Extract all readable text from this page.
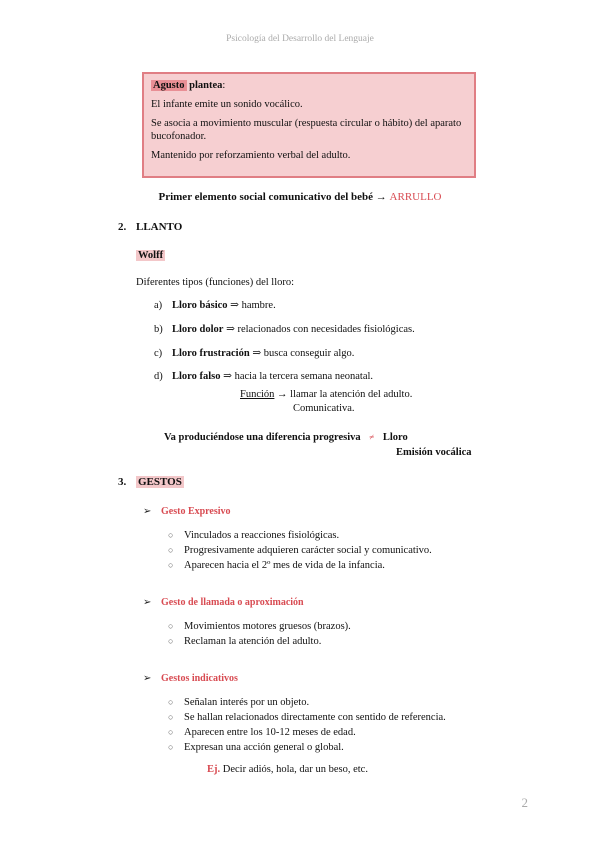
Psicología del Desarrollo del Lenguaje

Agusto plantea:

El infante emite un sonido vocálico.

Se asocia a movimiento muscular (respuesta circular o hábito) del aparato bucofonador.

Mantenido por reforzamiento verbal del adulto.

Primer elemento social comunicativo del bebé → ARRULLO
2. LLANTO
Wolff
Diferentes tipos (funciones) del lloro:
a) Lloro básico ⇒ hambre.
b) Lloro dolor ⇒ relacionados con necesidades fisiológicas.
c) Lloro frustración ⇒ busca conseguir algo.
d) Lloro falso ⇒ hacia la tercera semana neonatal.
Función → llamar la atención del adulto.
Comunicativa.
Va produciéndose una diferencia progresiva ≠ Lloro
Emisión vocálica
3. GESTOS
➢ Gesto Expresivo
○ Vinculados a reacciones fisiológicas.
○ Progresivamente adquieren carácter social y comunicativo.
○ Aparecen hacia el 2º mes de vida de la infancia.
➢ Gesto de llamada o aproximación
○ Movimientos motores gruesos (brazos).
○ Reclaman la atención del adulto.
➢ Gestos indicativos
○ Señalan interés por un objeto.
○ Se hallan relacionados directamente con sentido de referencia.
○ Aparecen entre los 10-12 meses de edad.
○ Expresan una acción general o global.
Ej. Decir adiós, hola, dar un beso, etc.
2
